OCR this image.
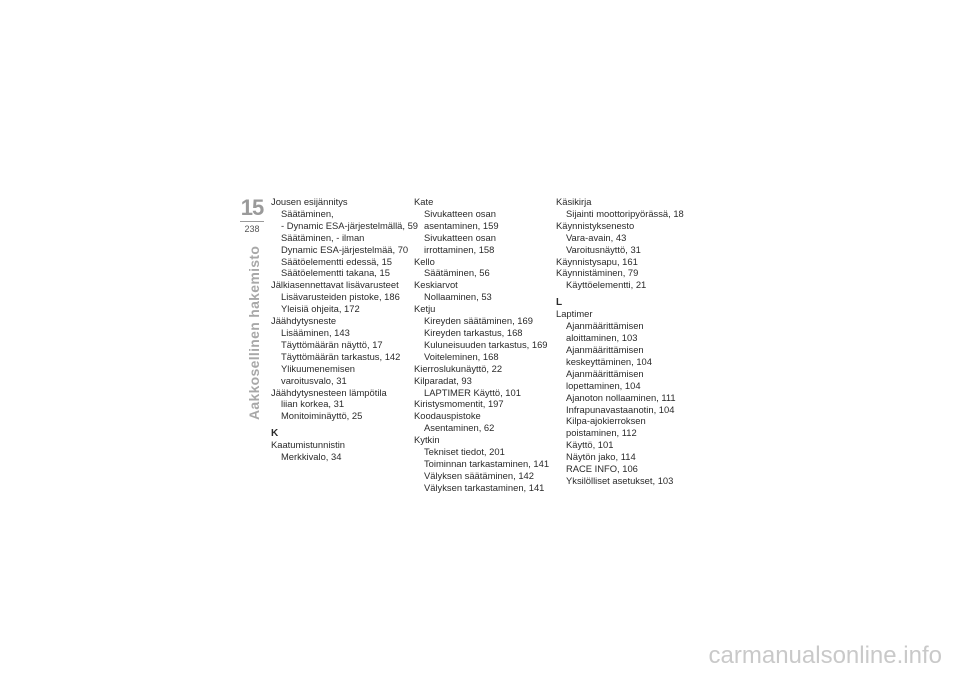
15
238
Aakkosellinen hakemisto
Jousen esijännitys
Säätäminen,
- Dynamic ESA-järjestelmällä, 59
Säätäminen, - ilman
Dynamic ESA-järjestelmää, 70
Säätöelementti edessä, 15
Säätöelementti takana, 15
Jälkiasennettavat lisävarusteet
Lisävarusteiden pistoke, 186
Yleisiä ohjeita, 172
Jäähdytysneste
Lisääminen, 143
Täyttömäärän näyttö, 17
Täyttömäärän tarkastus, 142
Ylikuumenemisen
varoitusvalo, 31
Jäähdytysnesteen lämpötila
liian korkea, 31
Monitoiminäyttö, 25
K
Kaatumistunnistin
Merkkivalo, 34
Kate
Sivukatteen osan
asentaminen, 159
Sivukatteen osan
irrottaminen, 158
Kello
Säätäminen, 56
Keskiarvot
Nollaaminen, 53
Ketju
Kireyden säätäminen, 169
Kireyden tarkastus, 168
Kuluneisuuden tarkastus, 169
Voiteleminen, 168
Kierroslukunäyttö, 22
Kilparadat, 93
LAPTIMER Käyttö, 101
Kiristysmomentit, 197
Koodauspistoke
Asentaminen, 62
Kytkin
Tekniset tiedot, 201
Toiminnan tarkastaminen, 141
Välyksen säätäminen, 142
Välyksen tarkastaminen, 141
Käsikirja
Sijainti moottoripyörässä, 18
Käynnistyksenesto
Vara-avain, 43
Varoitusnäyttö, 31
Käynnistysapu, 161
Käynnistäminen, 79
Käyttöelementti, 21
L
Laptimer
Ajanmäärittämisen
aloittaminen, 103
Ajanmäärittämisen
keskeyttäminen, 104
Ajanmäärittämisen
lopettaminen, 104
Ajanoton nollaaminen, 111
Infrapunavastaanotin, 104
Kilpa-ajokierroksen
poistaminen, 112
Käyttö, 101
Näytön jako, 114
RACE INFO, 106
Yksilölliset asetukset, 103
carmanualsonline.info
